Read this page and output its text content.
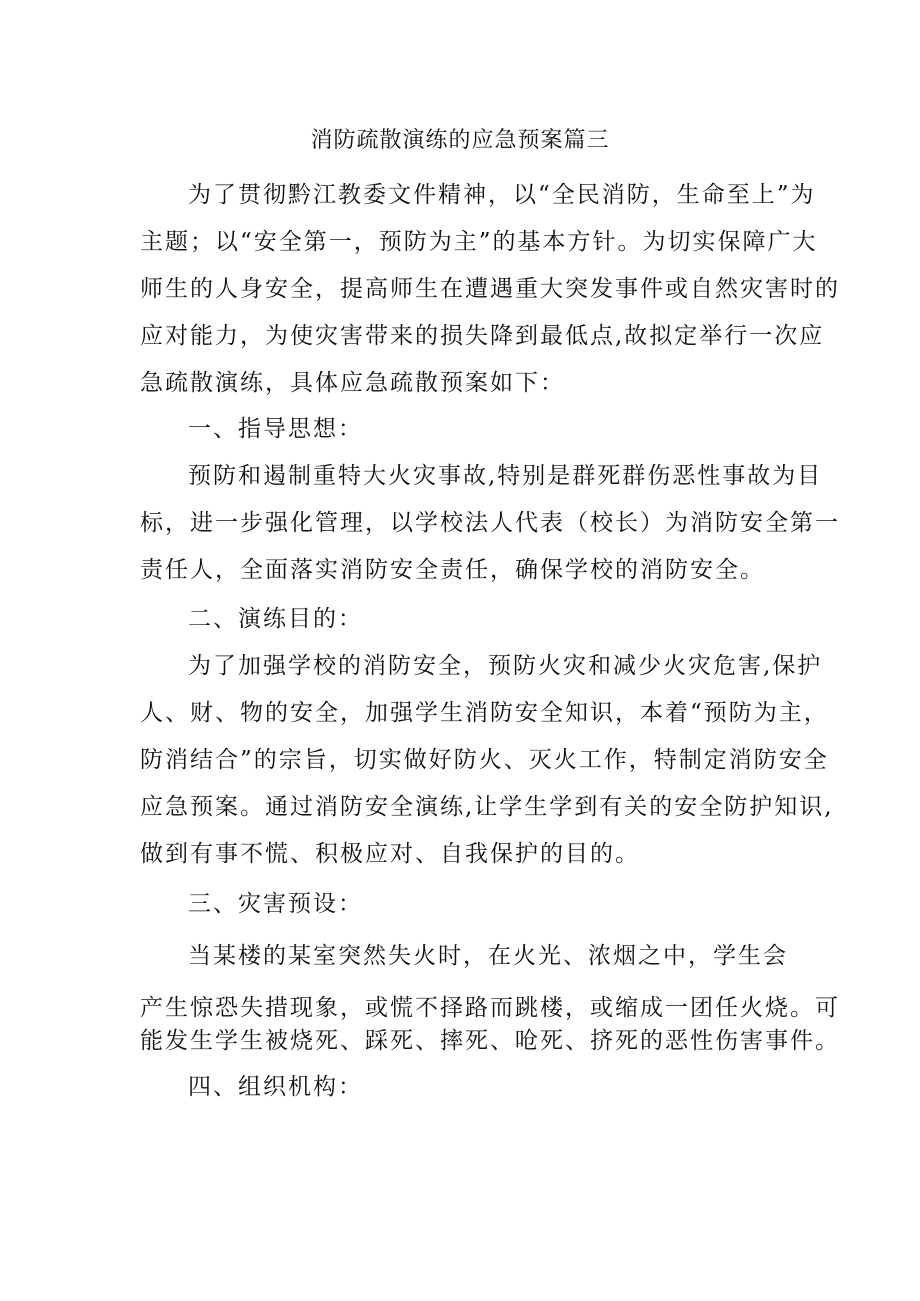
消防疏散演练的应急预案篇三
为了贯彻黔江教委文件精神，以“全民消防，生命至上”为
主题；以“安全第一，预防为主”的基本方针。为切实保障广大
师生的人身安全，提高师生在遭遇重大突发事件或自然灾害时的
应对能力，为使灾害带来的损失降到最低点,故拟定举行一次应
急疏散演练，具体应急疏散预案如下：
一、指导思想：
预防和遏制重特大火灾事故,特别是群死群伤恶性事故为目
标，进一步强化管理，以学校法人代表（校长）为消防安全第一
责任人，全面落实消防安全责任，确保学校的消防安全。
二、演练目的：
为了加强学校的消防安全，预防火灾和减少火灾危害,保护
人、财、物的安全，加强学生消防安全知识，本着“预防为主，
防消结合”的宗旨，切实做好防火、灭火工作，特制定消防安全
应急预案。通过消防安全演练,让学生学到有关的安全防护知识,
做到有事不慌、积极应对、自我保护的目的。
三、灾害预设：
当某楼的某室突然失火时，在火光、浓烟之中，学生会
产生惊恐失措现象，或慌不择路而跳楼，或缩成一团任火烧。可
能发生学生被烧死、踩死、摔死、呛死、挤死的恶性伤害事件。
四、组织机构：
